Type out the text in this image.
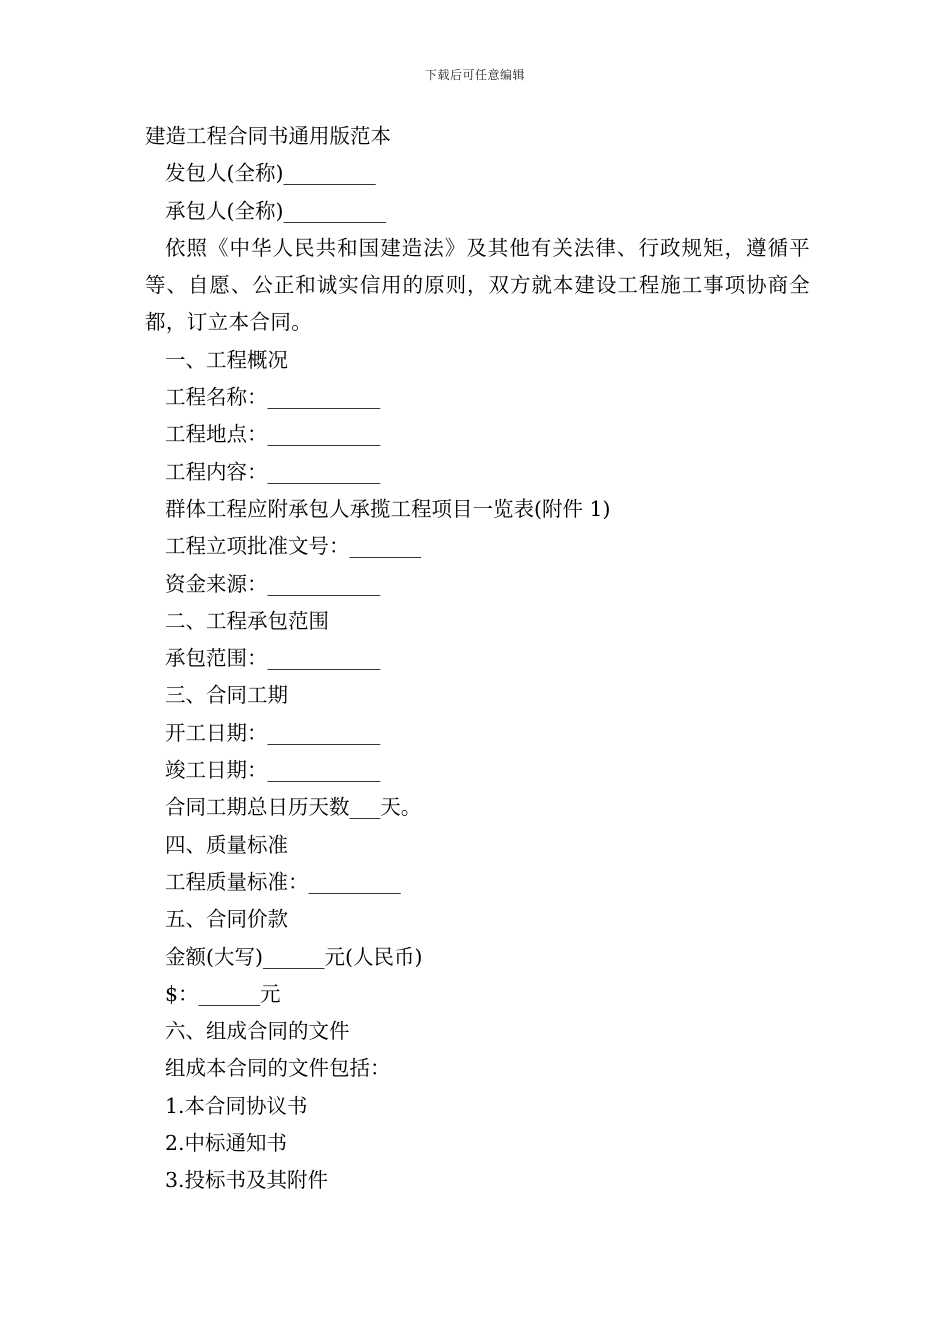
下载后可任意编辑
建造工程合同书通用版范本
发包人(全称)_________
承包人(全称)__________
依照《中华人民共和国建造法》及其他有关法律、行政规矩，遵循平等、自愿、公正和诚实信用的原则，双方就本建设工程施工事项协商全都，订立本合同。
一、工程概况
工程名称：___________
工程地点：___________
工程内容：___________
群体工程应附承包人承揽工程项目一览表(附件 1)
工程立项批准文号：_______
资金来源：___________
二、工程承包范围
承包范围：___________
三、合同工期
开工日期：___________
竣工日期：___________
合同工期总日历天数___天。
四、质量标准
工程质量标准：_________
五、合同价款
金额(大写)______元(人民币)
$：______元
六、组成合同的文件
组成本合同的文件包括：
1.本合同协议书
2.中标通知书
3.投标书及其附件
